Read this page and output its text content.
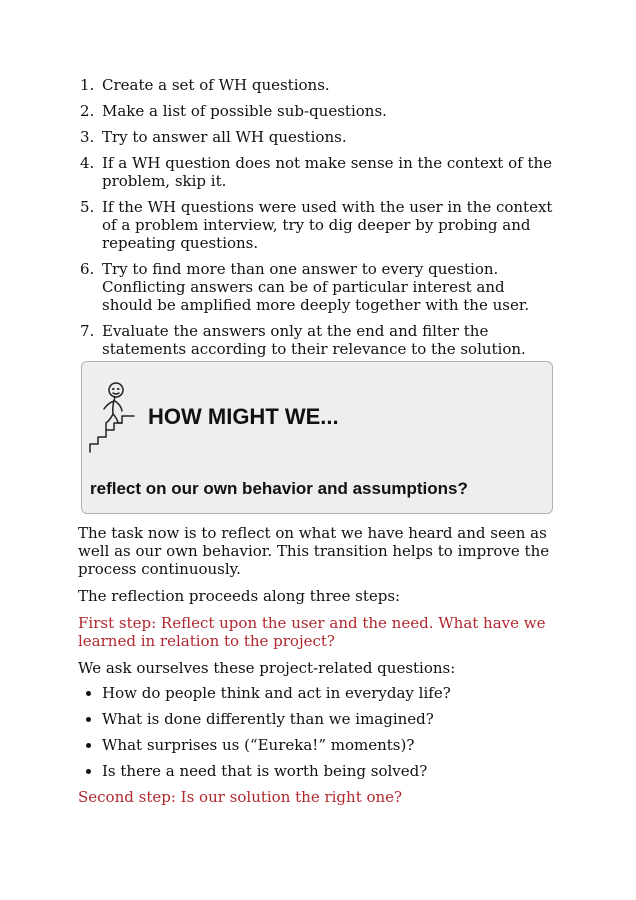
1. Create a set of WH questions.
2. Make a list of possible sub-questions.
3. Try to answer all WH questions.
4. If a WH question does not make sense in the context of the problem, skip it.
5. If the WH questions were used with the user in the context of a problem interview, try to dig deeper by probing and repeating questions.
6. Try to find more than one answer to every question. Conflicting answers can be of particular interest and should be amplified more deeply together with the user.
7. Evaluate the answers only at the end and filter the statements according to their relevance to the solution.
HOW MIGHT WE...
reflect on our own behavior and assumptions?

The task now is to reflect on what we have heard and seen as well as our own behavior. This transition helps to improve the process continuously.

The reflection proceeds along three steps:

First step: Reflect upon the user and the need. What have we learned in relation to the project?

We ask ourselves these project-related questions:

How do people think and act in everyday life?
What is done differently than we imagined?
What surprises us (“Eureka!” moments)?
Is there a need that is worth being solved?

Second step: Is our solution the right one?
